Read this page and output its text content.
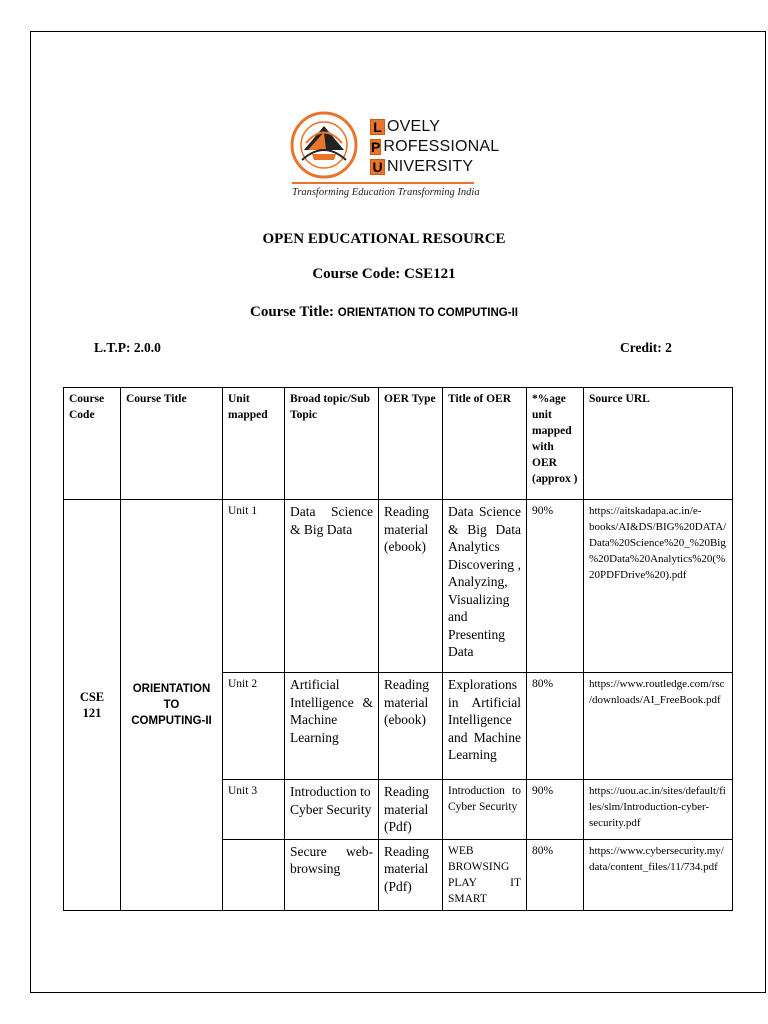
L OVELY
P ROFESSIONAL
U NIVERSITY
Transforming Education Transforming India
OPEN EDUCATIONAL RESOURCE
Course Code: CSE121
Course Title: ORIENTATION TO COMPUTING-II
L.T.P: 2.0.0	Credit: 2
Course Code	Course Title	Unit mapped	Broad topic/Sub Topic	OER Type	Title of OER	*%age unit mapped with OER (approx )	Source URL
CSE 121	ORIENTATION TO COMPUTING-II	Unit 1	Data Science & Big Data	Reading material (ebook)	Data Science & Big Data Analytics Discovering , Analyzing, Visualizing and Presenting Data	90%	https://aitskadapa.ac.in/e-books/AI&DS/BIG%20DATA/Data%20Science%20_%20Big%20Data%20Analytics%20(%20PDFDrive%20).pdf
		Unit 2	Artificial Intelligence & Machine Learning	Reading material (ebook)	Explorations in Artificial Intelligence and Machine Learning	80%	https://www.routledge.com/rsc/downloads/AI_FreeBook.pdf
		Unit 3	Introduction to Cyber Security	Reading material (Pdf)	Introduction to Cyber Security	90%	https://uou.ac.in/sites/default/files/slm/Introduction-cyber-security.pdf
			Secure web-browsing	Reading material (Pdf)	WEB BROWSING PLAY IT SMART	80%	https://www.cybersecurity.my/data/content_files/11/734.pdf
